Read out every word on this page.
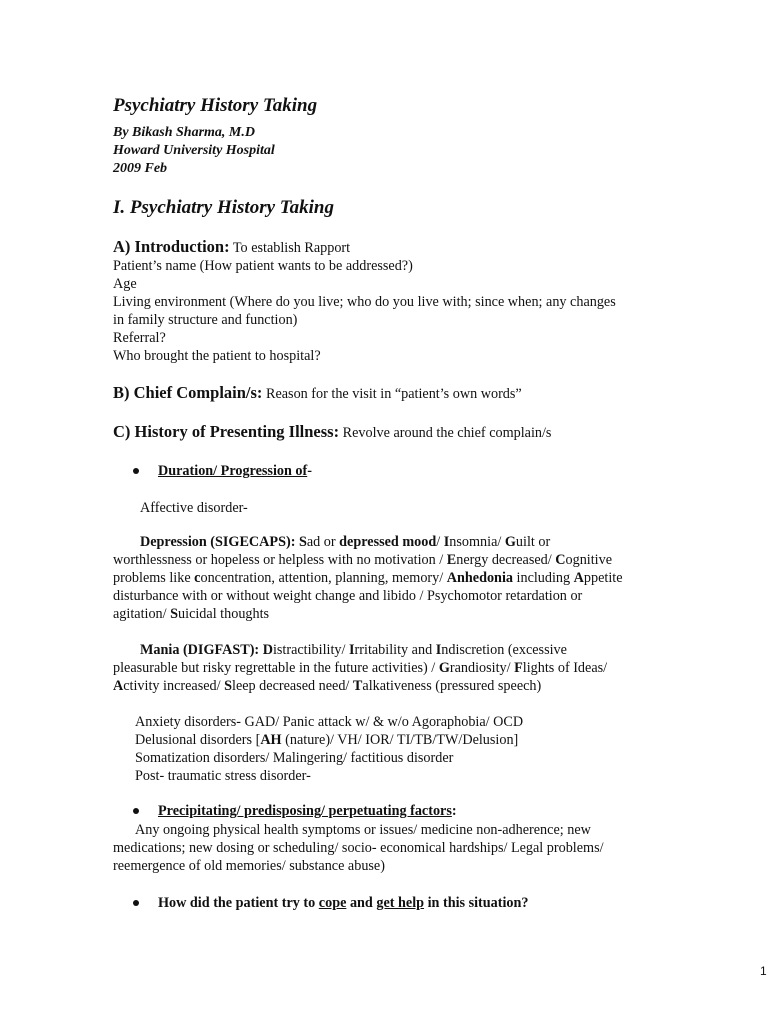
Psychiatry History Taking
By Bikash Sharma, M.D
Howard University Hospital
2009 Feb
I. Psychiatry History Taking
A) Introduction: To establish Rapport
Patient’s name (How patient wants to be addressed?)
Age
Living environment (Where do you live; who do you live with; since when; any changes
in family structure and function)
Referral?
Who brought the patient to hospital?
B) Chief Complain/s: Reason for the visit in “patient’s own words”
C) History of Presenting Illness: Revolve around the chief complain/s
Duration/ Progression of-
Affective disorder-
Depression (SIGECAPS): Sad or depressed mood/ Insomnia/ Guilt or
worthlessness or hopeless or helpless with no motivation / Energy decreased/ Cognitive
problems like concentration, attention, planning, memory/ Anhedonia including Appetite
disturbance with or without weight change and libido / Psychomotor retardation or
agitation/ Suicidal thoughts
Mania (DIGFAST): Distractibility/ Irritability and Indiscretion (excessive
pleasurable but risky regrettable in the future activities) / Grandiosity/ Flights of Ideas/
Activity increased/ Sleep decreased need/ Talkativeness (pressured speech)
Anxiety disorders- GAD/ Panic attack w/ & w/o Agoraphobia/ OCD
Delusional disorders [AH (nature)/ VH/ IOR/ TI/TB/TW/Delusion]
Somatization disorders/ Malingering/ factitious disorder
Post- traumatic stress disorder-
Precipitating/ predisposing/ perpetuating factors:
Any ongoing physical health symptoms or issues/ medicine non-adherence; new
medications; new dosing or scheduling/ socio- economical hardships/ Legal problems/
reemergence of old memories/ substance abuse)
How did the patient try to cope and get help in this situation?
1
